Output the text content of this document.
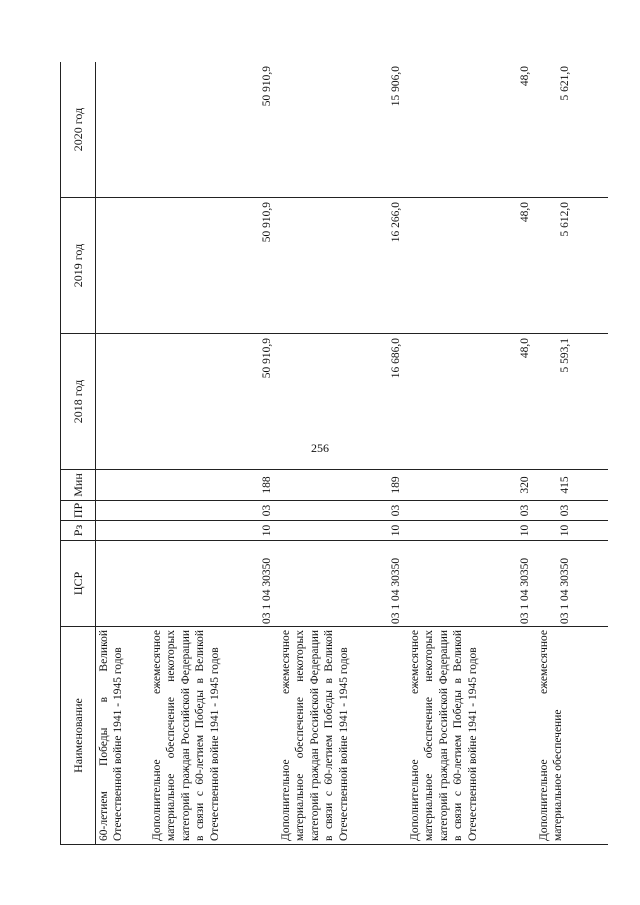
256
Наименование	ЦСР	Рз	ПР	Мин	2018 год	2019 год	2020 год
60-летием Победы в Великой Отечественной войне 1941 - 1945 годов							
Дополнительное ежемесячное материальное обеспечение некоторых категорий граждан Российской Федерации в связи с 60-летием Победы в Великой Отечественной войне 1941 - 1945 годов	03 1 04 30350	10	03	188	50 910,9	50 910,9	50 910,9
Дополнительное ежемесячное материальное обеспечение некоторых категорий граждан Российской Федерации в связи с 60-летием Победы в Великой Отечественной войне 1941 - 1945 годов	03 1 04 30350	10	03	189	16 686,0	16 266,0	15 906,0
Дополнительное ежемесячное материальное обеспечение некоторых категорий граждан Российской Федерации в связи с 60-летием Победы в Великой Отечественной войне 1941 - 1945 годов	03 1 04 30350	10	03	320	48,0	48,0	48,0
Дополнительное ежемесячное материальное обеспечение	03 1 04 30350	10	03	415	5 593,1	5 612,0	5 621,0
